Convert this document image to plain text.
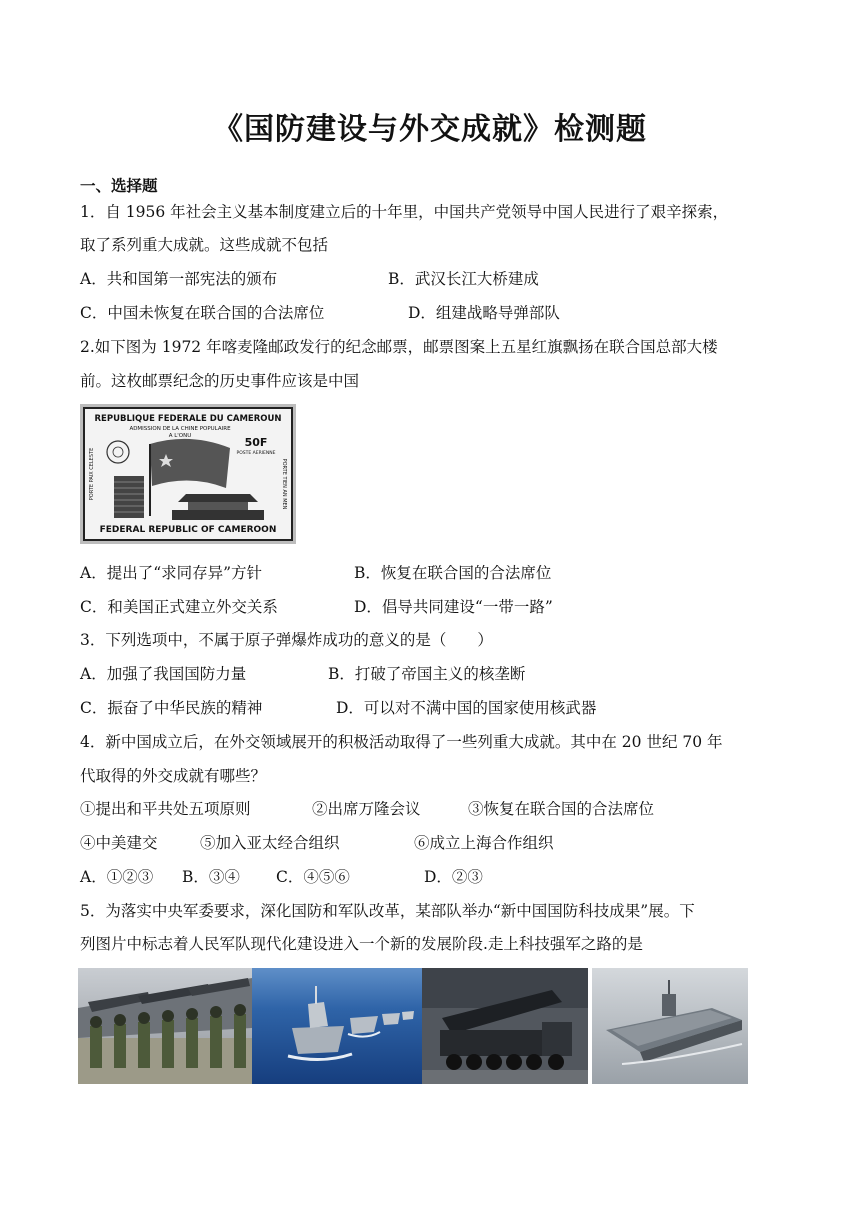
《国防建设与外交成就》检测题
一、选择题
1．自 1956 年社会主义基本制度建立后的十年里，中国共产党领导中国人民进行了艰辛探索，
取了系列重大成就。这些成就不包括
A．共和国第一部宪法的颁布	B．武汉长江大桥建成
C．中国未恢复在联合国的合法席位	D．组建战略导弹部队
2.如下图为 1972 年喀麦隆邮政发行的纪念邮票，邮票图案上五星红旗飘扬在联合国总部大楼
前。这枚邮票纪念的历史事件应该是中国
REPUBLIQUE FEDERALE DU CAMEROUN
ADMISSION DE LA CHINE POPULAIRE
A L'ONU	50F
POSTE AERIENNE
PORTE PAIX CELESTE	PORTE TIEN AN MEN
FEDERAL REPUBLIC OF CAMEROON
A．提出了“求同存异”方针	B．恢复在联合国的合法席位
C．和美国正式建立外交关系	D．倡导共同建设“一带一路”
3．下列选项中，不属于原子弹爆炸成功的意义的是（　　）
A．加强了我国国防力量	B．打破了帝国主义的核垄断
C．振奋了中华民族的精神	D．可以对不满中国的国家使用核武器
4．新中国成立后，在外交领域展开的积极活动取得了一些列重大成就。其中在 20 世纪 70 年
代取得的外交成就有哪些？
①提出和平共处五项原则	②出席万隆会议	③恢复在联合国的合法席位
④中美建交	⑤加入亚太经合组织	⑥成立上海合作组织
A．①②③ B．③④ C．④⑤⑥	D．②③
5．为落实中央军委要求，深化国防和军队改革，某部队举办“新中国国防科技成果”展。下
列图片中标志着人民军队现代化建设进入一个新的发展阶段.走上科技强军之路的是
